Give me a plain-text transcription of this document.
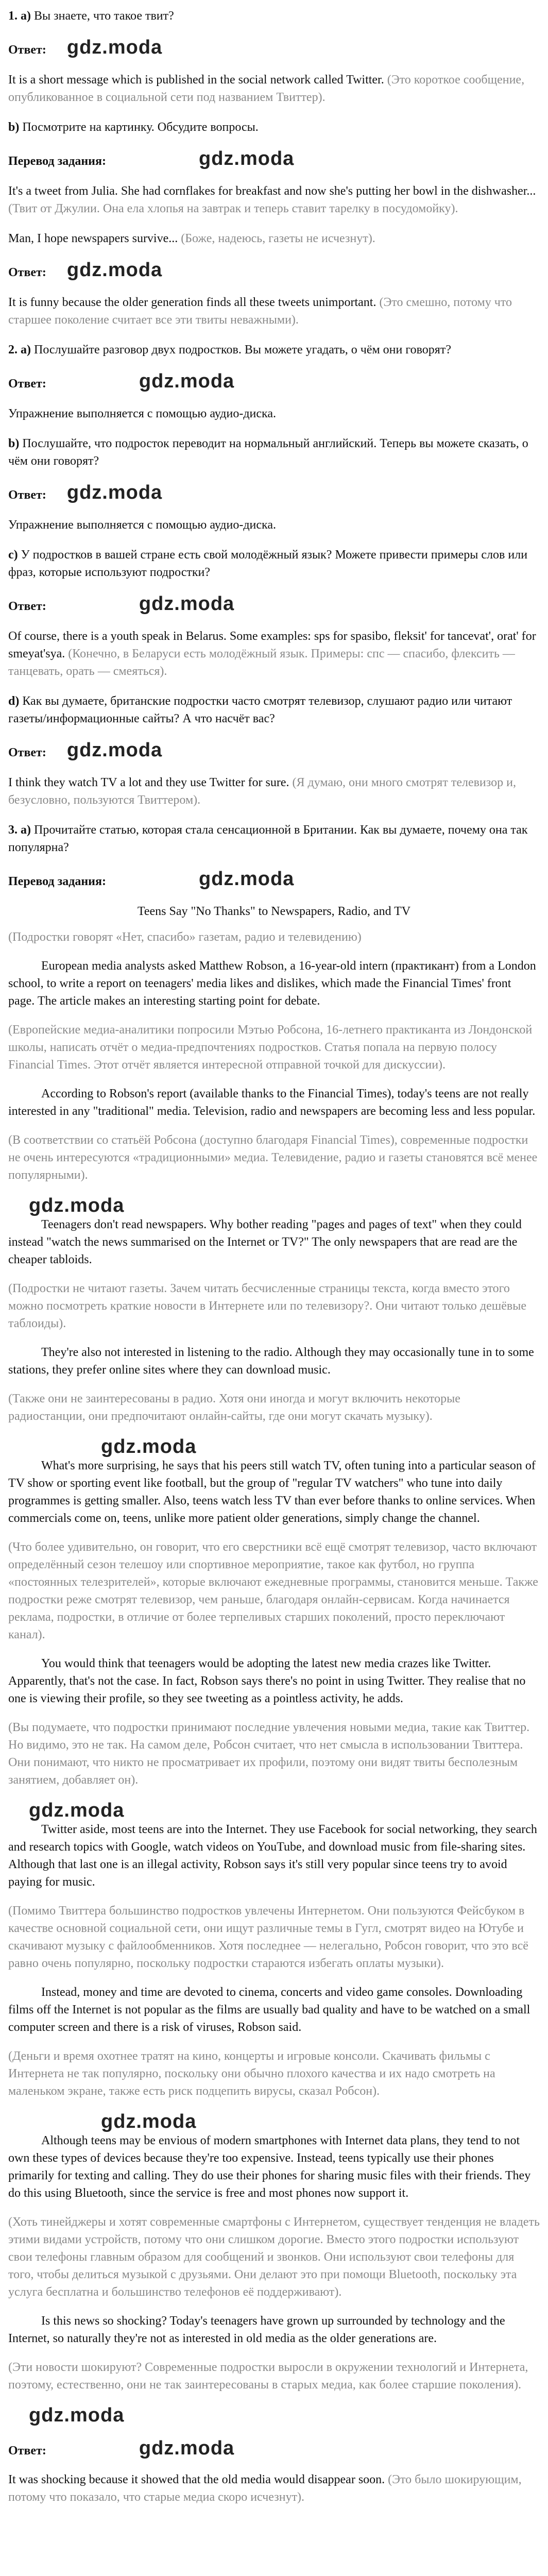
1. а) Вы знаете, что такое твит?

Ответ: gdz.moda

It is a short message which is published in the social network called Twitter. (Это короткое сообщение, опубликованное в социальной сети под названием Твиттер).

b) Посмотрите на картинку. Обсудите вопросы.

Перевод задания:	gdz.moda

It's a tweet from Julia. She had cornflakes for breakfast and now she's putting her bowl in the dishwasher... (Твит от Джулии. Она ела хлопья на завтрак и теперь ставит тарелку в посудомойку).

Man, I hope newspapers survive... (Боже, надеюсь, газеты не исчезнут).

Ответ: gdz.moda

It is funny because the older generation finds all these tweets unimportant. (Это смешно, потому что старшее поколение считает все эти твиты неважными).

2. а) Послушайте разговор двух подростков. Вы можете угадать, о чём они говорят?

Ответ:	gdz.moda

Упражнение выполняется с помощью аудио-диска.

b) Послушайте, что подросток переводит на нормальный английский. Теперь вы можете сказать, о чём они говорят?

Ответ: gdz.moda

Упражнение выполняется с помощью аудио-диска.

c) У подростков в вашей стране есть свой молодёжный язык? Можете привести примеры слов или фраз, которые используют подростки?

Ответ:	gdz.moda

Of course, there is a youth speak in Belarus. Some examples: sps for spasibo, fleksit' for tancevat', orat' for smeyat'sya. (Конечно, в Беларуси есть молодёжный язык. Примеры: спс — спасибо, флексить — танцевать, орать — смеяться).

d) Как вы думаете, британские подростки часто смотрят телевизор, слушают радио или читают газеты/информационные сайты? А что насчёт вас?

Ответ: gdz.moda

I think they watch TV a lot and they use Twitter for sure. (Я думаю, они много смотрят телевизор и, безусловно, пользуются Твиттером).

3. а) Прочитайте статью, которая стала сенсационной в Британии. Как вы думаете, почему она так популярна?

Перевод задания:	gdz.moda

Teens Say "No Thanks" to Newspapers, Radio, and TV

(Подростки говорят «Нет, спасибо» газетам, радио и телевидению)

European media analysts asked Matthew Robson, a 16-year-old intern (практикант) from a London school, to write a report on teenagers' media likes and dislikes, which made the Financial Times' front page. The article makes an interesting starting point for debate.

(Европейские медиа-аналитики попросили Мэтью Робсона, 16-летнего практиканта из Лондонской школы, написать отчёт о медиа-предпочтениях подростков. Статья попала на первую полосу Financial Times. Этот отчёт является интересной отправной точкой для дискуссии).

According to Robson's report (available thanks to the Financial Times), today's teens are not really interested in any "traditional" media. Television, radio and newspapers are becoming less and less popular.

(В соответствии со статьёй Робсона (доступно благодаря Financial Times), современные подростки не очень интересуются «традиционными» медиа. Телевидение, радио и газеты становятся всё менее популярными).

gdz.moda

Teenagers don't read newspapers. Why bother reading "pages and pages of text" when they could instead "watch the news summarised on the Internet or TV?" The only newspapers that are read are the cheaper tabloids.

(Подростки не читают газеты. Зачем читать бесчисленные страницы текста, когда вместо этого можно посмотреть краткие новости в Интернете или по телевизору?. Они читают только дешёвые таблоиды).

They're also not interested in listening to the radio. Although they may occasionally tune in to some stations, they prefer online sites where they can download music.

(Также они не заинтересованы в радио. Хотя они иногда и могут включить некоторые радиостанции, они предпочитают онлайн-сайты, где они могут скачать музыку).

gdz.moda

What's more surprising, he says that his peers still watch TV, often tuning into a particular season of TV show or sporting event like football, but the group of "regular TV watchers" who tune into daily programmes is getting smaller. Also, teens watch less TV than ever before thanks to online services. When commercials come on, teens, unlike more patient older generations, simply change the channel.

(Что более удивительно, он говорит, что его сверстники всё ещё смотрят телевизор, часто включают определённый сезон телешоу или спортивное мероприятие, такое как футбол, но группа «постоянных телезрителей», которые включают ежедневные программы, становится меньше. Также подростки реже смотрят телевизор, чем раньше, благодаря онлайн-сервисам. Когда начинается реклама, подростки, в отличие от более терпеливых старших поколений, просто переключают канал).

You would think that teenagers would be adopting the latest new media crazes like Twitter. Apparently, that's not the case. In fact, Robson says there's no point in using Twitter. They realise that no one is viewing their profile, so they see tweeting as a pointless activity, he adds.

(Вы подумаете, что подростки принимают последние увлечения новыми медиа, такие как Твиттер. Но видимо, это не так. На самом деле, Робсон считает, что нет смысла в использовании Твиттера. Они понимают, что никто не просматривает их профили, поэтому они видят твиты бесполезным занятием, добавляет он).

gdz.moda

Twitter aside, most teens are into the Internet. They use Facebook for social networking, they search and research topics with Google, watch videos on YouTube, and download music from file-sharing sites. Although that last one is an illegal activity, Robson says it's still very popular since teens try to avoid paying for music.

(Помимо Твиттера большинство подростков увлечены Интернетом. Они пользуются Фейсбуком в качестве основной социальной сети, они ищут различные темы в Гугл, смотрят видео на Ютубе и скачивают музыку с файлообменников. Хотя последнее — нелегально, Робсон говорит, что это всё равно очень популярно, поскольку подростки стараются избегать оплаты музыки).

Instead, money and time are devoted to cinema, concerts and video game consoles. Downloading films off the Internet is not popular as the films are usually bad quality and have to be watched on a small computer screen and there is a risk of viruses, Robson said.

(Деньги и время охотнее тратят на кино, концерты и игровые консоли. Скачивать фильмы с Интернета не так популярно, поскольку они обычно плохого качества и их надо смотреть на маленьком экране, также есть риск подцепить вирусы, сказал Робсон).

gdz.moda

Although teens may be envious of modern smartphones with Internet data plans, they tend to not own these types of devices because they're too expensive. Instead, teens typically use their phones primarily for texting and calling. They do use their phones for sharing music files with their friends. They do this using Bluetooth, since the service is free and most phones now support it.

(Хоть тинейджеры и хотят современные смартфоны с Интернетом, существует тенденция не владеть этими видами устройств, потому что они слишком дорогие. Вместо этого подростки используют свои телефоны главным образом для сообщений и звонков. Они используют свои телефоны для того, чтобы делиться музыкой с друзьями. Они делают это при помощи Bluetooth, поскольку эта услуга бесплатна и большинство телефонов её поддерживают).

Is this news so shocking? Today's teenagers have grown up surrounded by technology and the Internet, so naturally they're not as interested in old media as the older generations are.

(Эти новости шокируют? Современные подростки выросли в окружении технологий и Интернета, поэтому, естественно, они не так заинтересованы в старых медиа, как более старшие поколения).

gdz.moda

Ответ:	gdz.moda

It was shocking because it showed that the old media would disappear soon. (Это было шокирующим, потому что показало, что старые медиа скоро исчезнут).
